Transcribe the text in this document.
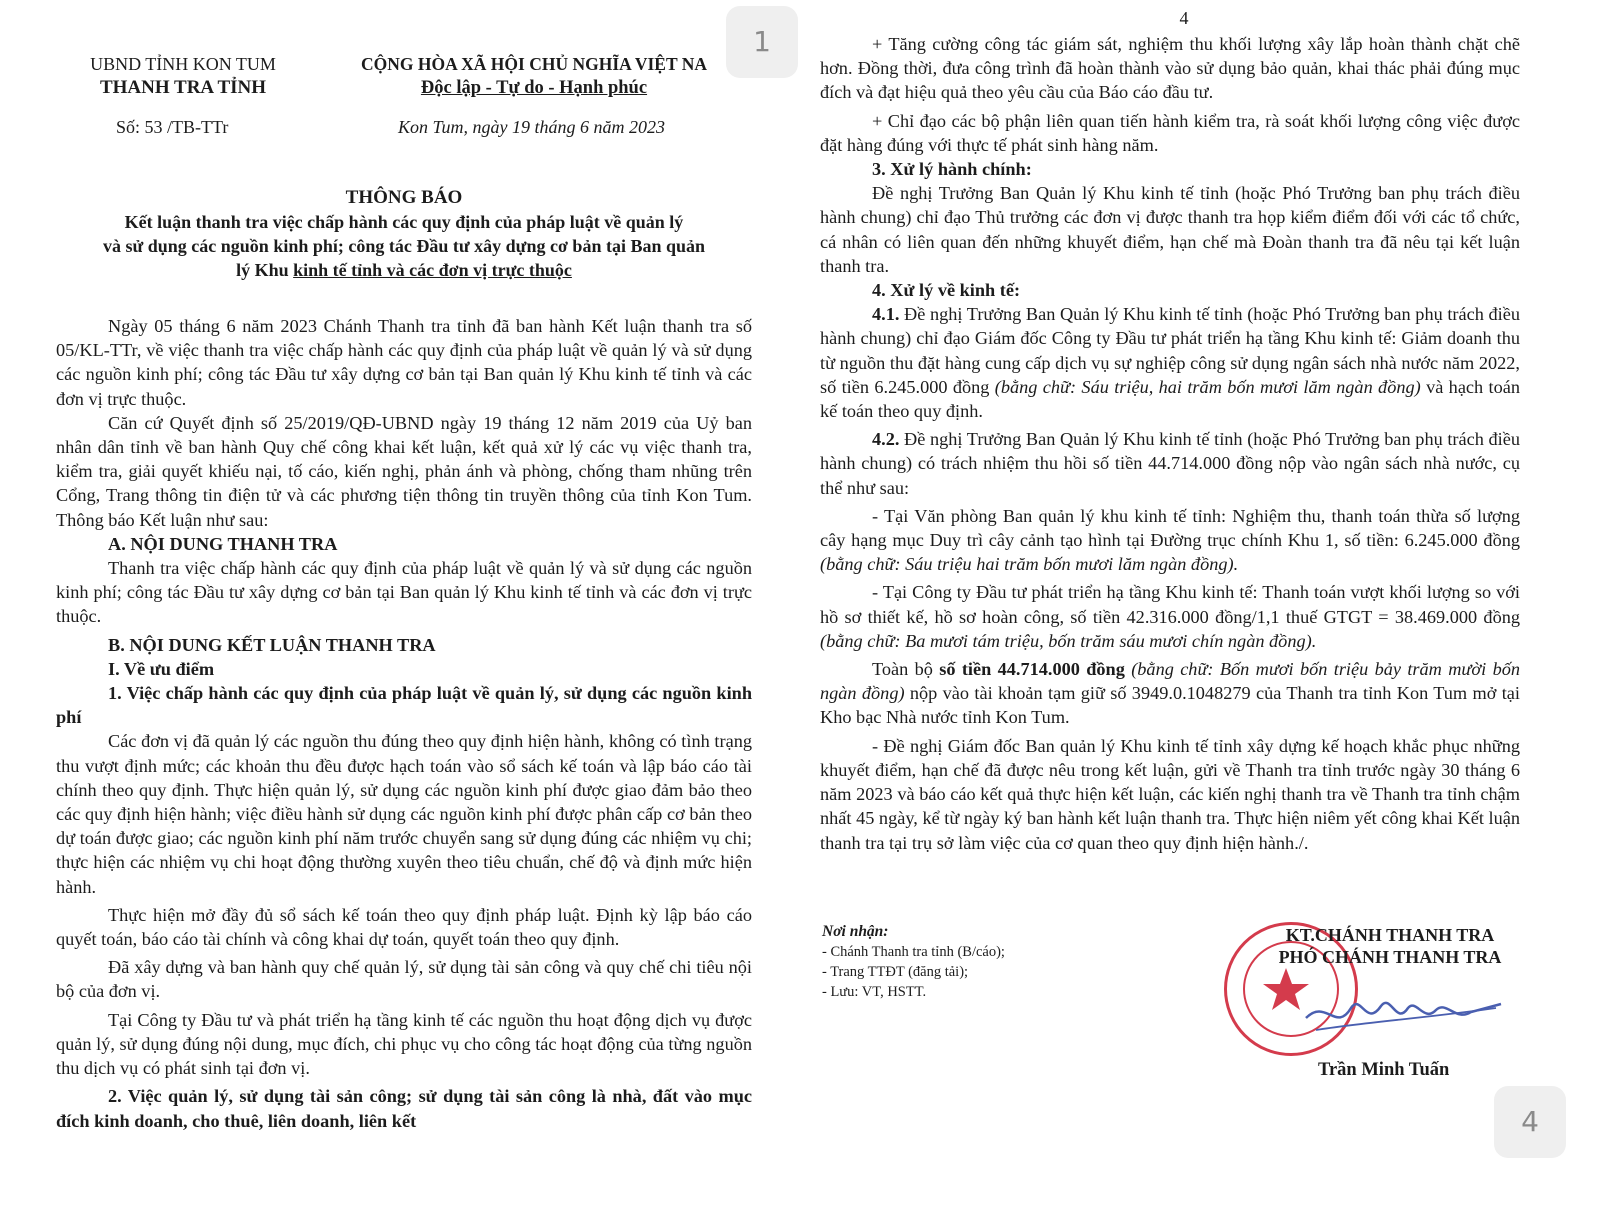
1
UBND TỈNH KON TUM
THANH TRA TỈNH
Số: 53 /TB-TTr
CỘNG HÒA XÃ HỘI CHỦ NGHĨA VIỆT NA
Độc lập - Tự do - Hạnh phúc
Kon Tum, ngày 19 tháng 6 năm 2023

THÔNG BÁO

Kết luận thanh tra việc chấp hành các quy định của pháp luật về quản lý

và sử dụng các nguồn kinh phí; công tác Đầu tư xây dựng cơ bản tại Ban quản

lý Khu kinh tế tỉnh và các đơn vị trực thuộc

Ngày 05 tháng 6 năm 2023 Chánh Thanh tra tỉnh đã ban hành Kết luận thanh tra số 05/KL-TTr, về việc thanh tra việc chấp hành các quy định của pháp luật về quản lý và sử dụng các nguồn kinh phí; công tác Đầu tư xây dựng cơ bản tại Ban quản lý Khu kinh tế tỉnh và các đơn vị trực thuộc.

Căn cứ Quyết định số 25/2019/QĐ-UBND ngày 19 tháng 12 năm 2019 của Uỷ ban nhân dân tỉnh về ban hành Quy chế công khai kết luận, kết quả xử lý các vụ việc thanh tra, kiểm tra, giải quyết khiếu nại, tố cáo, kiến nghị, phản ánh và phòng, chống tham nhũng trên Cổng, Trang thông tin điện tử và các phương tiện thông tin truyền thông của tỉnh Kon Tum. Thông báo Kết luận như sau:

A. NỘI DUNG THANH TRA

Thanh tra việc chấp hành các quy định của pháp luật về quản lý và sử dụng các nguồn kinh phí; công tác Đầu tư xây dựng cơ bản tại Ban quản lý Khu kinh tế tỉnh và các đơn vị trực thuộc.

B. NỘI DUNG KẾT LUẬN THANH TRA

I. Về ưu điểm

1. Việc chấp hành các quy định của pháp luật về quản lý, sử dụng các nguồn kinh phí

Các đơn vị đã quản lý các nguồn thu đúng theo quy định hiện hành, không có tình trạng thu vượt định mức; các khoản thu đều được hạch toán vào sổ sách kế toán và lập báo cáo tài chính theo quy định. Thực hiện quản lý, sử dụng các nguồn kinh phí được giao đảm bảo theo các quy định hiện hành; việc điều hành sử dụng các nguồn kinh phí được phân cấp cơ bản theo dự toán được giao; các nguồn kinh phí năm trước chuyển sang sử dụng đúng các nhiệm vụ chi; thực hiện các nhiệm vụ chi hoạt động thường xuyên theo tiêu chuẩn, chế độ và định mức hiện hành.

Thực hiện mở đầy đủ sổ sách kế toán theo quy định pháp luật. Định kỳ lập báo cáo quyết toán, báo cáo tài chính và công khai dự toán, quyết toán theo quy định.

Đã xây dựng và ban hành quy chế quản lý, sử dụng tài sản công và quy chế chi tiêu nội bộ của đơn vị.

Tại Công ty Đầu tư và phát triển hạ tầng kinh tế các nguồn thu hoạt động dịch vụ được quản lý, sử dụng đúng nội dung, mục đích, chi phục vụ cho công tác hoạt động của từng nguồn thu dịch vụ có phát sinh tại đơn vị.

2. Việc quản lý, sử dụng tài sản công; sử dụng tài sản công là nhà, đất vào mục đích kinh doanh, cho thuê, liên doanh, liên kết

4

+ Tăng cường công tác giám sát, nghiệm thu khối lượng xây lắp hoàn thành chặt chẽ hơn. Đồng thời, đưa công trình đã hoàn thành vào sử dụng bảo quản, khai thác phải đúng mục đích và đạt hiệu quả theo yêu cầu của Báo cáo đầu tư.

+ Chỉ đạo các bộ phận liên quan tiến hành kiểm tra, rà soát khối lượng công việc được đặt hàng đúng với thực tế phát sinh hàng năm.

3. Xử lý hành chính:

Đề nghị Trưởng Ban Quản lý Khu kinh tế tỉnh (hoặc Phó Trưởng ban phụ trách điều hành chung) chỉ đạo Thủ trưởng các đơn vị được thanh tra họp kiểm điểm đối với các tổ chức, cá nhân có liên quan đến những khuyết điểm, hạn chế mà Đoàn thanh tra đã nêu tại kết luận thanh tra.

4. Xử lý về kinh tế:

4.1. Đề nghị Trưởng Ban Quản lý Khu kinh tế tỉnh (hoặc Phó Trưởng ban phụ trách điều hành chung) chỉ đạo Giám đốc Công ty Đầu tư phát triển hạ tầng Khu kinh tế: Giảm doanh thu từ nguồn thu đặt hàng cung cấp dịch vụ sự nghiệp công sử dụng ngân sách nhà nước năm 2022, số tiền 6.245.000 đồng (bằng chữ: Sáu triệu, hai trăm bốn mươi lăm ngàn đồng) và hạch toán kế toán theo quy định.

4.2. Đề nghị Trưởng Ban Quản lý Khu kinh tế tỉnh (hoặc Phó Trưởng ban phụ trách điều hành chung) có trách nhiệm thu hồi số tiền 44.714.000 đồng nộp vào ngân sách nhà nước, cụ thể như sau:

- Tại Văn phòng Ban quản lý khu kinh tế tỉnh: Nghiệm thu, thanh toán thừa số lượng cây hạng mục Duy trì cây cảnh tạo hình tại Đường trục chính Khu 1, số tiền: 6.245.000 đồng (bằng chữ: Sáu triệu hai trăm bốn mươi lăm ngàn đồng).

- Tại Công ty Đầu tư phát triển hạ tầng Khu kinh tế: Thanh toán vượt khối lượng so với hồ sơ thiết kế, hồ sơ hoàn công, số tiền 42.316.000 đồng/1,1 thuế GTGT = 38.469.000 đồng (bằng chữ: Ba mươi tám triệu, bốn trăm sáu mươi chín ngàn đồng).

Toàn bộ số tiền 44.714.000 đồng (bằng chữ: Bốn mươi bốn triệu bảy trăm mười bốn ngàn đồng) nộp vào tài khoản tạm giữ số 3949.0.1048279 của Thanh tra tỉnh Kon Tum mở tại Kho bạc Nhà nước tỉnh Kon Tum.

- Đề nghị Giám đốc Ban quản lý Khu kinh tế tỉnh xây dựng kế hoạch khắc phục những khuyết điểm, hạn chế đã được nêu trong kết luận, gửi về Thanh tra tỉnh trước ngày 30 tháng 6 năm 2023 và báo cáo kết quả thực hiện kết luận, các kiến nghị thanh tra về Thanh tra tỉnh chậm nhất 45 ngày, kể từ ngày ký ban hành kết luận thanh tra. Thực hiện niêm yết công khai Kết luận thanh tra tại trụ sở làm việc của cơ quan theo quy định hiện hành./.

Nơi nhận:

- Chánh Thanh tra tỉnh (B/cáo);

- Trang TTĐT (đăng tải);

- Lưu: VT, HSTT.

4
KT.CHÁNH THANH TRA
PHÓ CHÁNH THANH TRA
Trần Minh Tuấn
